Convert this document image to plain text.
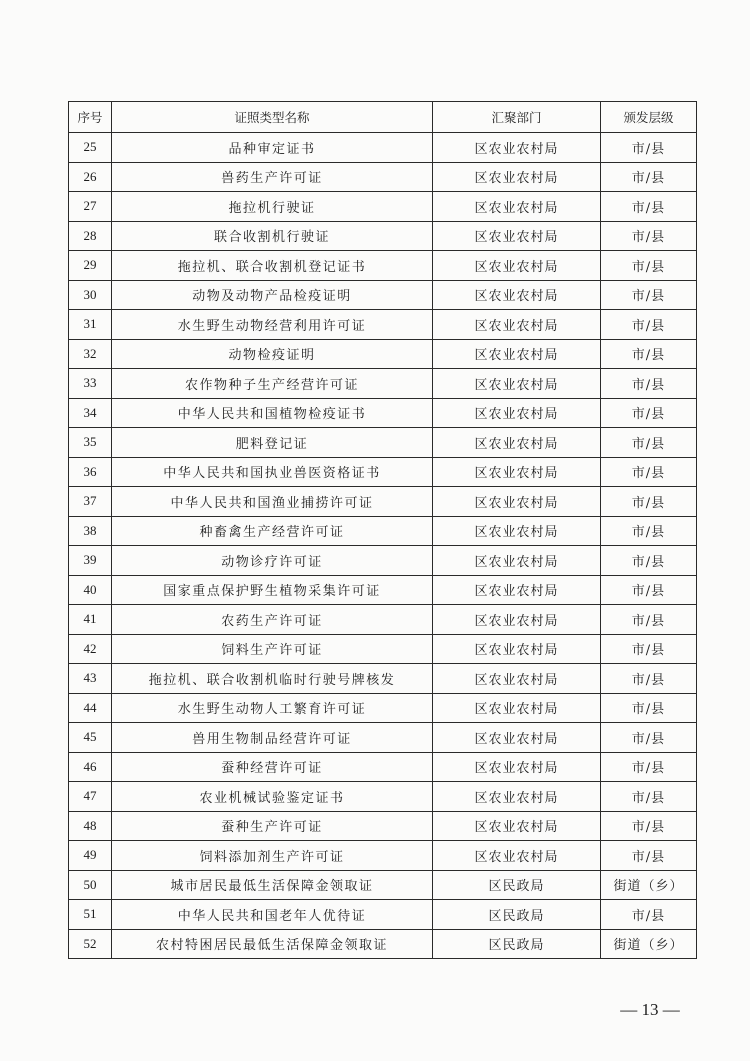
序号	证照类型名称	汇聚部门	颁发层级
25	品种审定证书	区农业农村局	市/县
26	兽药生产许可证	区农业农村局	市/县
27	拖拉机行驶证	区农业农村局	市/县
28	联合收割机行驶证	区农业农村局	市/县
29	拖拉机、联合收割机登记证书	区农业农村局	市/县
30	动物及动物产品检疫证明	区农业农村局	市/县
31	水生野生动物经营利用许可证	区农业农村局	市/县
32	动物检疫证明	区农业农村局	市/县
33	农作物种子生产经营许可证	区农业农村局	市/县
34	中华人民共和国植物检疫证书	区农业农村局	市/县
35	肥料登记证	区农业农村局	市/县
36	中华人民共和国执业兽医资格证书	区农业农村局	市/县
37	中华人民共和国渔业捕捞许可证	区农业农村局	市/县
38	种畜禽生产经营许可证	区农业农村局	市/县
39	动物诊疗许可证	区农业农村局	市/县
40	国家重点保护野生植物采集许可证	区农业农村局	市/县
41	农药生产许可证	区农业农村局	市/县
42	饲料生产许可证	区农业农村局	市/县
43	拖拉机、联合收割机临时行驶号牌核发	区农业农村局	市/县
44	水生野生动物人工繁育许可证	区农业农村局	市/县
45	兽用生物制品经营许可证	区农业农村局	市/县
46	蚕种经营许可证	区农业农村局	市/县
47	农业机械试验鉴定证书	区农业农村局	市/县
48	蚕种生产许可证	区农业农村局	市/县
49	饲料添加剂生产许可证	区农业农村局	市/县
50	城市居民最低生活保障金领取证	区民政局	街道（乡）
51	中华人民共和国老年人优待证	区民政局	市/县
52	农村特困居民最低生活保障金领取证	区民政局	街道（乡）
— 13 —
